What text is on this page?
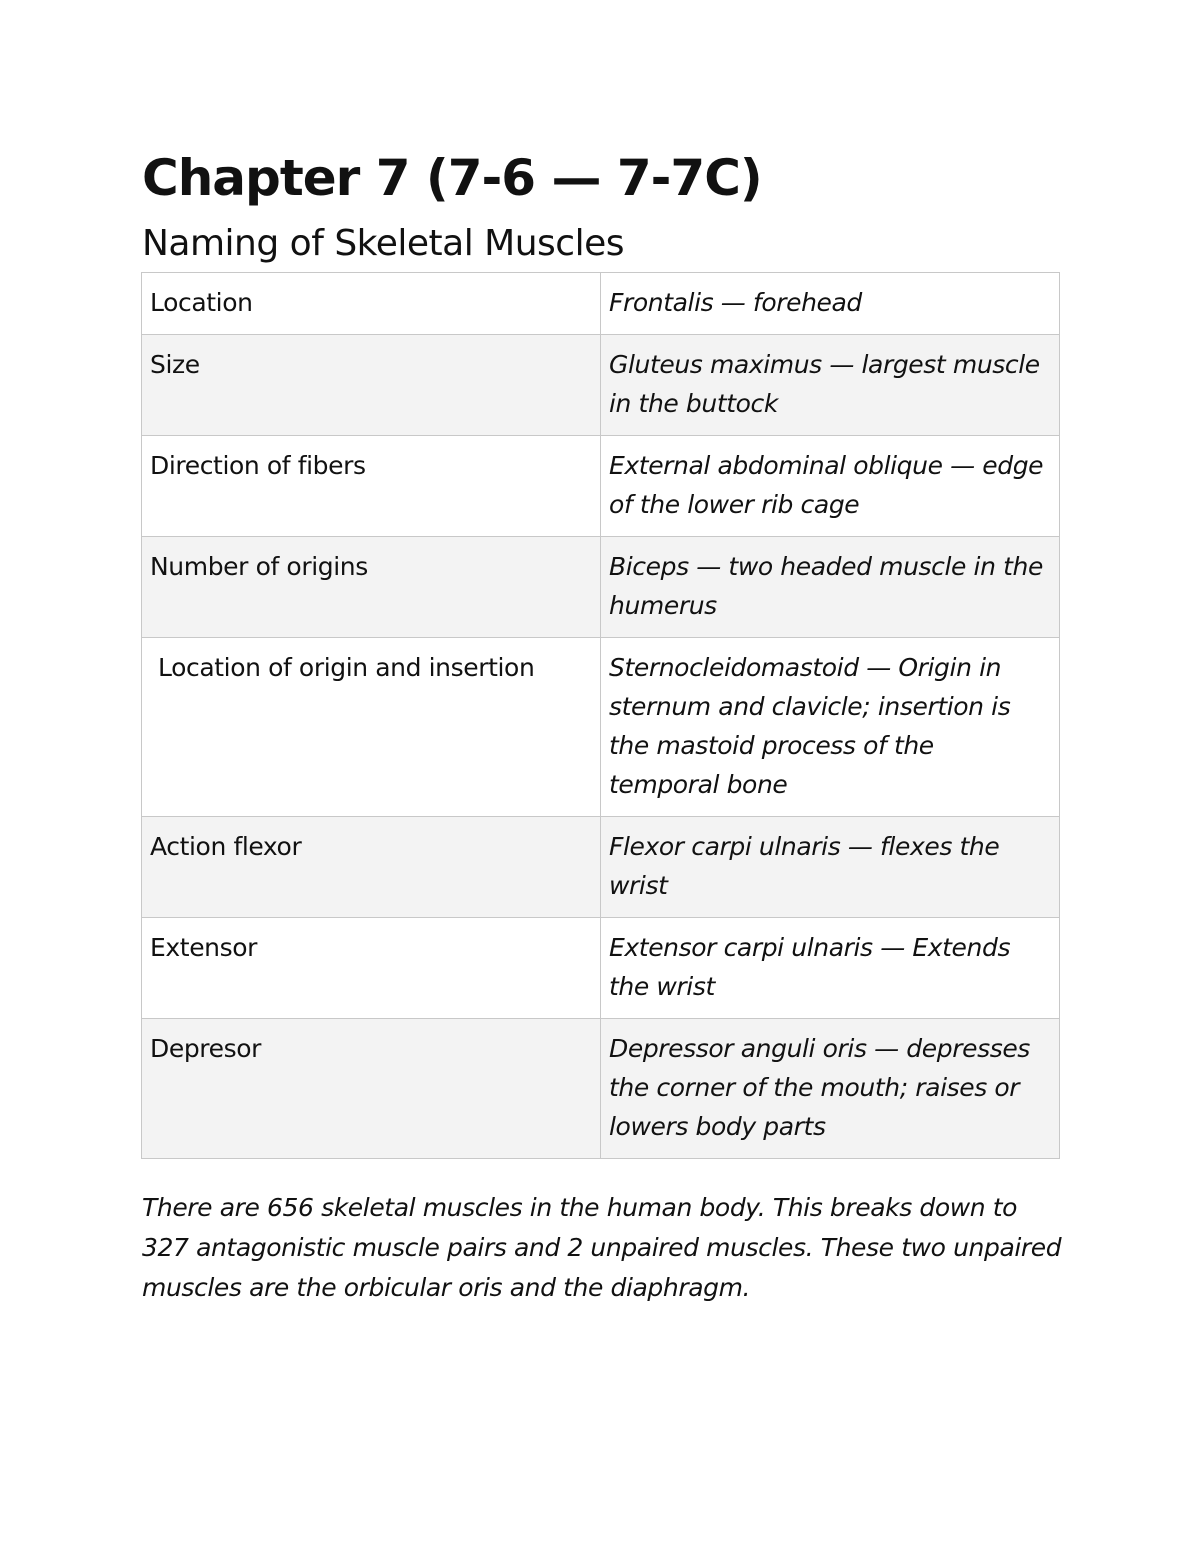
Chapter 7 (7-6 — 7-7C)
Naming of Skeletal Muscles
Location	Frontalis — forehead
Size	Gluteus maximus — largest muscle in the buttock
Direction of fibers	External abdominal oblique — edge of the lower rib cage
Number of origins	Biceps — two headed muscle in the humerus
Location of origin and insertion	Sternocleidomastoid — Origin in sternum and clavicle; insertion is the mastoid process of the temporal bone
Action flexor	Flexor carpi ulnaris — flexes the wrist
Extensor	Extensor carpi ulnaris — Extends the wrist
Depresor	Depressor anguli oris — depresses the corner of the mouth; raises or lowers body parts

There are 656 skeletal muscles in the human body. This breaks down to 327 antagonistic muscle pairs and 2 unpaired muscles. These two unpaired muscles are the orbicular oris and the diaphragm.
